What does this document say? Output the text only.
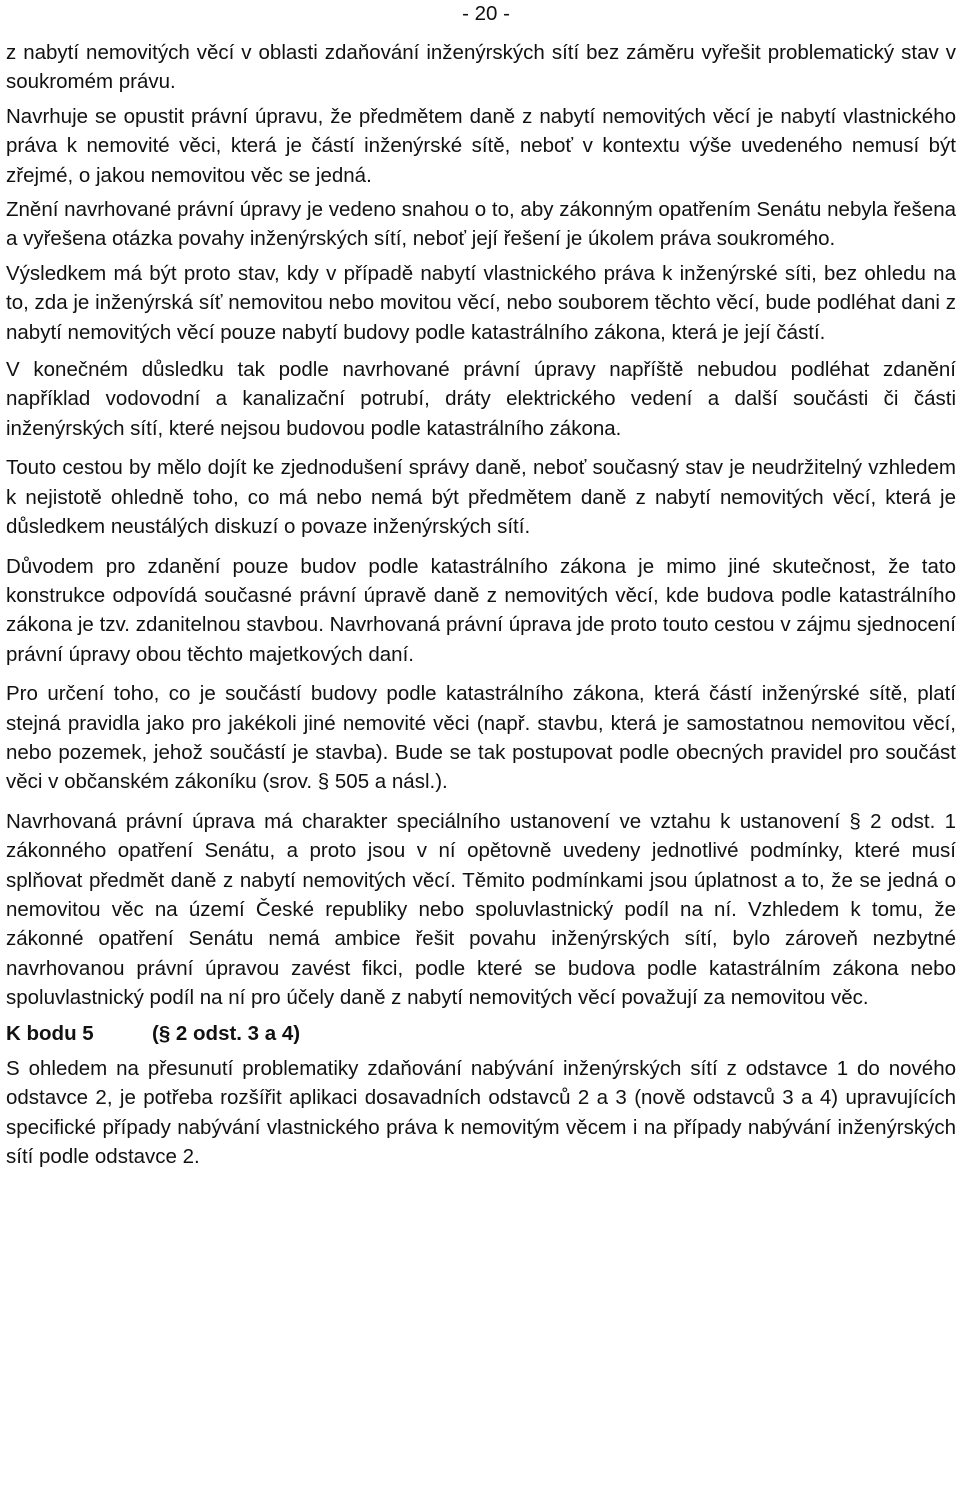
- 20 -

z nabytí nemovitých věcí v oblasti zdaňování inženýrských sítí bez záměru vyřešit problematický stav v soukromém právu.

Navrhuje se opustit právní úpravu, že předmětem daně z nabytí nemovitých věcí je nabytí vlastnického práva k nemovité věci, která je částí inženýrské sítě, neboť v kontextu výše uvedeného nemusí být zřejmé, o jakou nemovitou věc se jedná.

Znění navrhované právní úpravy je vedeno snahou o to, aby zákonným opatřením Senátu nebyla řešena a vyřešena otázka povahy inženýrských sítí, neboť její řešení je úkolem práva soukromého.

Výsledkem má být proto stav, kdy v případě nabytí vlastnického práva k inženýrské síti, bez ohledu na to, zda je inženýrská síť nemovitou nebo movitou věcí, nebo souborem těchto věcí, bude podléhat dani z nabytí nemovitých věcí pouze nabytí budovy podle katastrálního zákona, která je její částí.

V konečném důsledku tak podle navrhované právní úpravy napříště nebudou podléhat zdanění například vodovodní a kanalizační potrubí, dráty elektrického vedení a další součásti či části inženýrských sítí, které nejsou budovou podle katastrálního zákona.

Touto cestou by mělo dojít ke zjednodušení správy daně, neboť současný stav je neudržitelný vzhledem k nejistotě ohledně toho, co má nebo nemá být předmětem daně z nabytí nemovitých věcí, která je důsledkem neustálých diskuzí o povaze inženýrských sítí.

Důvodem pro zdanění pouze budov podle katastrálního zákona je mimo jiné skutečnost, že tato konstrukce odpovídá současné právní úpravě daně z nemovitých věcí, kde budova podle katastrálního zákona je tzv. zdanitelnou stavbou. Navrhovaná právní úprava jde proto touto cestou v zájmu sjednocení právní úpravy obou těchto majetkových daní.

Pro určení toho, co je součástí budovy podle katastrálního zákona, která částí inženýrské sítě, platí stejná pravidla jako pro jakékoli jiné nemovité věci (např. stavbu, která je samostatnou nemovitou věcí, nebo pozemek, jehož součástí je stavba). Bude se tak postupovat podle obecných pravidel pro součást věci v občanském zákoníku (srov. § 505 a násl.).

Navrhovaná právní úprava má charakter speciálního ustanovení ve vztahu k ustanovení § 2 odst. 1 zákonného opatření Senátu, a proto jsou v ní opětovně uvedeny jednotlivé podmínky, které musí splňovat předmět daně z nabytí nemovitých věcí. Těmito podmínkami jsou úplatnost a to, že se jedná o nemovitou věc na území České republiky nebo spoluvlastnický podíl na ní. Vzhledem k tomu, že zákonné opatření Senátu nemá ambice řešit povahu inženýrských sítí, bylo zároveň nezbytné navrhovanou právní úpravou zavést fikci, podle které se budova podle katastrálním zákona nebo spoluvlastnický podíl na ní pro účely daně z nabytí nemovitých věcí považují za nemovitou věc.

K bodu 5	(§ 2 odst. 3 a 4)

S ohledem na přesunutí problematiky zdaňování nabývání inženýrských sítí z odstavce 1 do nového odstavce 2, je potřeba rozšířit aplikaci dosavadních odstavců 2 a 3 (nově odstavců 3 a 4) upravujících specifické případy nabývání vlastnického práva k nemovitým věcem i na případy nabývání inženýrských sítí podle odstavce 2.
